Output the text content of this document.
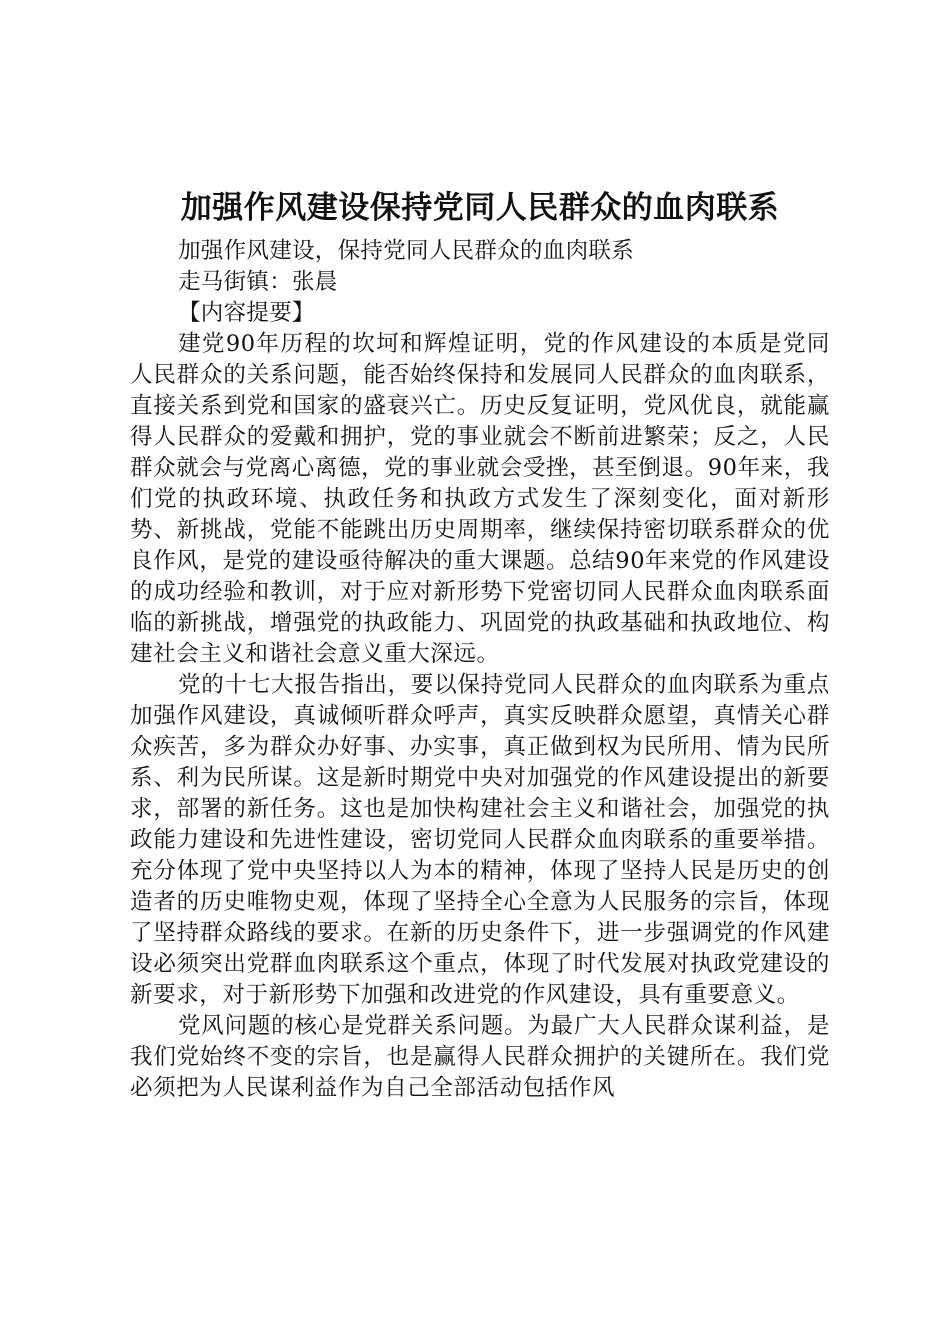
加强作风建设保持党同人民群众的血肉联系

加强作风建设，保持党同人民群众的血肉联系

走马街镇：张晨

【内容提要】

建党90年历程的坎坷和辉煌证明，党的作风建设的本质是党同人民群众的关系问题，能否始终保持和发展同人民群众的血肉联系，直接关系到党和国家的盛衰兴亡。历史反复证明，党风优良，就能赢得人民群众的爱戴和拥护，党的事业就会不断前进繁荣；反之，人民群众就会与党离心离德，党的事业就会受挫，甚至倒退。90年来，我们党的执政环境、执政任务和执政方式发生了深刻变化，面对新形势、新挑战，党能不能跳出历史周期率，继续保持密切联系群众的优良作风，是党的建设亟待解决的重大课题。总结90年来党的作风建设的成功经验和教训，对于应对新形势下党密切同人民群众血肉联系面临的新挑战，增强党的执政能力、巩固党的执政基础和执政地位、构建社会主义和谐社会意义重大深远。

党的十七大报告指出，要以保持党同人民群众的血肉联系为重点加强作风建设，真诚倾听群众呼声，真实反映群众愿望，真情关心群众疾苦，多为群众办好事、办实事，真正做到权为民所用、情为民所系、利为民所谋。这是新时期党中央对加强党的作风建设提出的新要求，部署的新任务。这也是加快构建社会主义和谐社会，加强党的执政能力建设和先进性建设，密切党同人民群众血肉联系的重要举措。充分体现了党中央坚持以人为本的精神，体现了坚持人民是历史的创造者的历史唯物史观，体现了坚持全心全意为人民服务的宗旨，体现了坚持群众路线的要求。在新的历史条件下，进一步强调党的作风建设必须突出党群血肉联系这个重点，体现了时代发展对执政党建设的新要求，对于新形势下加强和改进党的作风建设，具有重要意义。

党风问题的核心是党群关系问题。为最广大人民群众谋利益，是我们党始终不变的宗旨，也是赢得人民群众拥护的关键所在。我们党必须把为人民谋利益作为自己全部活动包括作风
